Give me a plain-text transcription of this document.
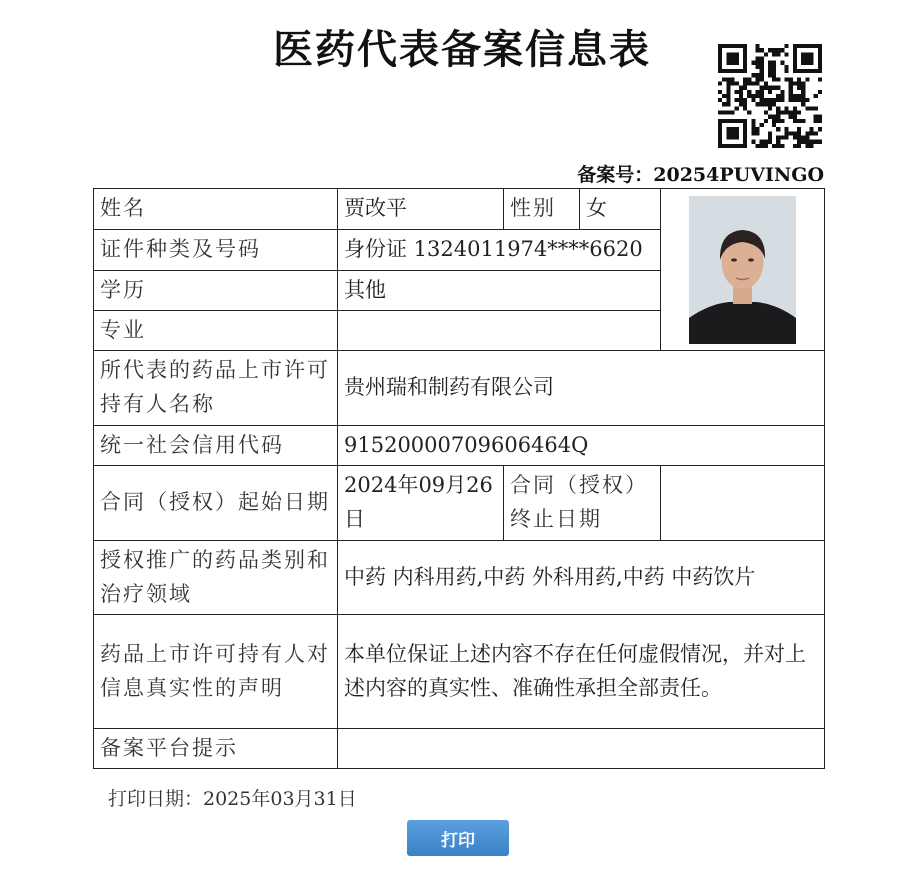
医药代表备案信息表
备案号：20254PUVINGO
姓名	贾改平	性别	女	

证件种类及号码	身份证 1324011974****6620			
学历	其他			
专业				
所代表的药品上市许可持有人名称	贵州瑞和制药有限公司			
统一社会信用代码	91520000709606464Q			
合同（授权）起始日期	2024年09月26日	合同（授权）终止日期		
授权推广的药品类别和治疗领域	中药 内科用药,中药 外科用药,中药 中药饮片			
药品上市许可持有人对信息真实性的声明	本单位保证上述内容不存在任何虚假情况，并对上述内容的真实性、准确性承担全部责任。			
备案平台提示				
打印日期：2025年03月31日
打印
